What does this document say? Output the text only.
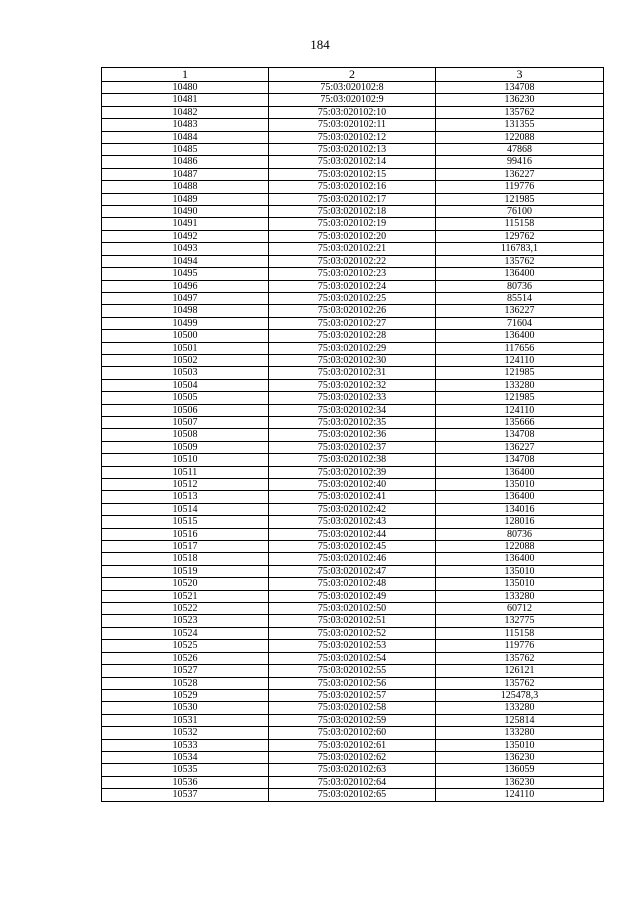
184
1	2	3
10480	75:03:020102:8	134708
10481	75:03:020102:9	136230
10482	75:03:020102:10	135762
10483	75:03:020102:11	131355
10484	75:03:020102:12	122088
10485	75:03:020102:13	47868
10486	75:03:020102:14	99416
10487	75:03:020102:15	136227
10488	75:03:020102:16	119776
10489	75:03:020102:17	121985
10490	75:03:020102:18	76100
10491	75:03:020102:19	115158
10492	75:03:020102:20	129762
10493	75:03:020102:21	116783,1
10494	75:03:020102:22	135762
10495	75:03:020102:23	136400
10496	75:03:020102:24	80736
10497	75:03:020102:25	85514
10498	75:03:020102:26	136227
10499	75:03:020102:27	71604
10500	75:03:020102:28	136400
10501	75:03:020102:29	117656
10502	75:03:020102:30	124110
10503	75:03:020102:31	121985
10504	75:03:020102:32	133280
10505	75:03:020102:33	121985
10506	75:03:020102:34	124110
10507	75:03:020102:35	135666
10508	75:03:020102:36	134708
10509	75:03:020102:37	136227
10510	75:03:020102:38	134708
10511	75:03:020102:39	136400
10512	75:03:020102:40	135010
10513	75:03:020102:41	136400
10514	75:03:020102:42	134016
10515	75:03:020102:43	128016
10516	75:03:020102:44	80736
10517	75:03:020102:45	122088
10518	75:03:020102:46	136400
10519	75:03:020102:47	135010
10520	75:03:020102:48	135010
10521	75:03:020102:49	133280
10522	75:03:020102:50	60712
10523	75:03:020102:51	132775
10524	75:03:020102:52	115158
10525	75:03:020102:53	119776
10526	75:03:020102:54	135762
10527	75:03:020102:55	126121
10528	75:03:020102:56	135762
10529	75:03:020102:57	125478,3
10530	75:03:020102:58	133280
10531	75:03:020102:59	125814
10532	75:03:020102:60	133280
10533	75:03:020102:61	135010
10534	75:03:020102:62	136230
10535	75:03:020102:63	136059
10536	75:03:020102:64	136230
10537	75:03:020102:65	124110
